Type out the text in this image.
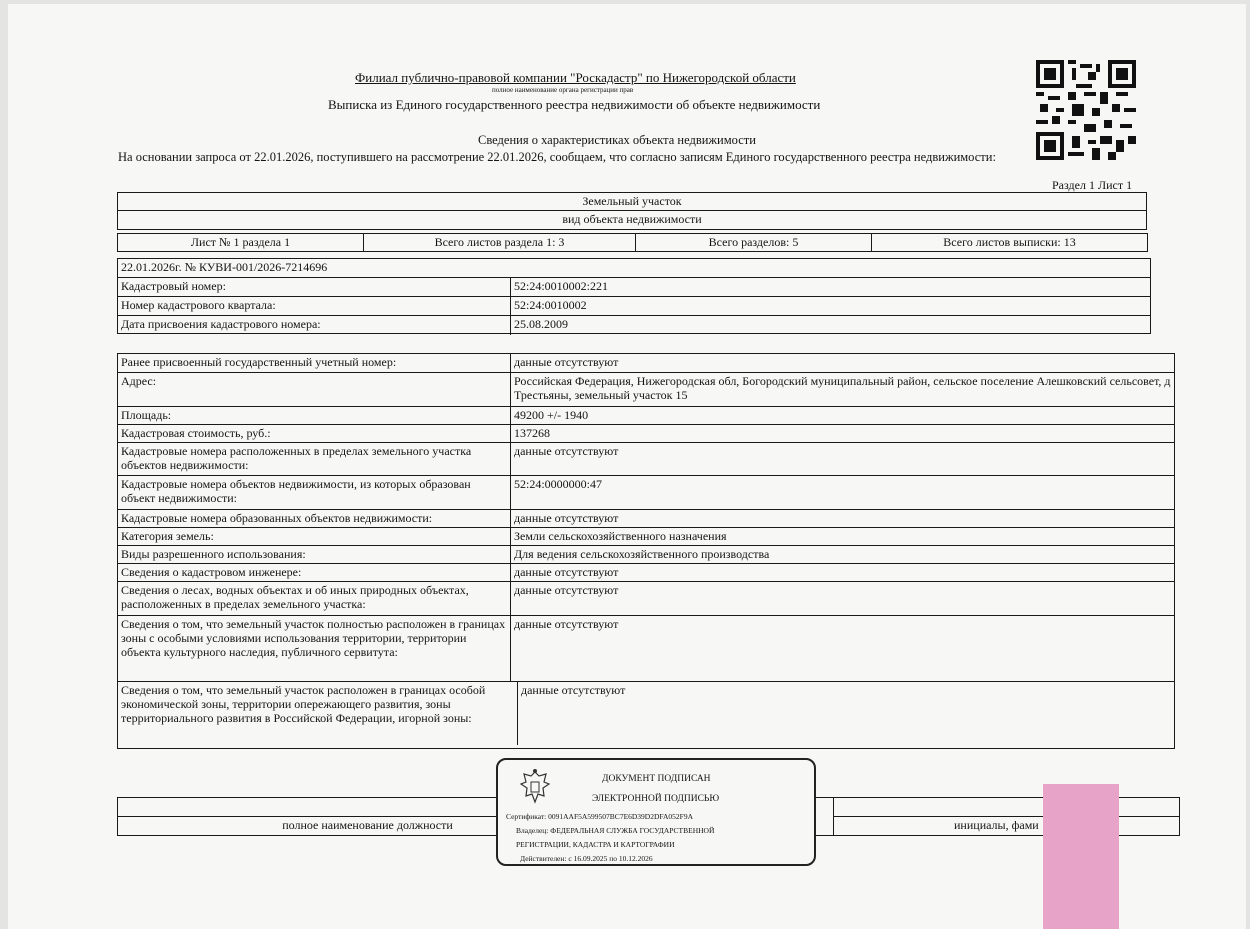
Филиал публично-правовой компании "Роскадастр" по Нижегородской области
полное наименование органа регистрации прав
Выписка из Единого государственного реестра недвижимости об объекте недвижимости
Сведения о характеристиках объекта недвижимости
На основании запроса от 22.01.2026, поступившего на рассмотрение 22.01.2026, сообщаем, что согласно записям Единого государственного реестра недвижимости:
Раздел 1 Лист 1
Земельный участок
вид объекта недвижимости
Лист № 1 раздела 1	Всего листов раздела 1: 3	Всего разделов: 5	Всего листов выписки: 13
22.01.2026г. № КУВИ-001/2026-7214696
Кадастровый номер:	52:24:0010002:221
Номер кадастрового квартала:	52:24:0010002
Дата присвоения кадастрового номера:	25.08.2009
Ранее присвоенный государственный учетный номер:	данные отсутствуют
Адрес:	Российская Федерация, Нижегородская обл, Богородский муниципальный район, сельское поселение Алешковский сельсовет, д Трестьяны, земельный участок 15
Площадь:	49200 +/- 1940
Кадастровая стоимость, руб.:	137268
Кадастровые номера расположенных в пределах земельного участка объектов недвижимости:
данные отсутствуют
Кадастровые номера объектов недвижимости, из которых образован объект недвижимости:
52:24:0000000:47
Кадастровые номера образованных объектов недвижимости:	данные отсутствуют
Категория земель:	Земли сельскохозяйственного назначения
Виды разрешенного использования:	Для ведения сельскохозяйственного производства
Сведения о кадастровом инженере:	данные отсутствуют
Сведения о лесах, водных объектах и об иных природных объектах, расположенных в пределах земельного участка:
данные отсутствуют
Сведения о том, что земельный участок полностью расположен в границах зоны с особыми условиями использования территории, территории объекта культурного наследия, публичного сервитута:
данные отсутствуют
Сведения о том, что земельный участок расположен в границах особой экономической зоны, территории опережающего развития, зоны территориального развития в Российской Федерации, игорной зоны:
данные отсутствуют
полное наименование должности	инициалы, фами
ДОКУМЕНТ ПОДПИСАН
ЭЛЕКТРОННОЙ ПОДПИСЬЮ
Сертификат: 0091AAF5A599507BC7E6D39D2DFA052F9A
Владелец: ФЕДЕРАЛЬНАЯ СЛУЖБА ГОСУДАРСТВЕННОЙ
РЕГИСТРАЦИИ, КАДАСТРА И КАРТОГРАФИИ
Действителен: с 16.09.2025 по 10.12.2026
